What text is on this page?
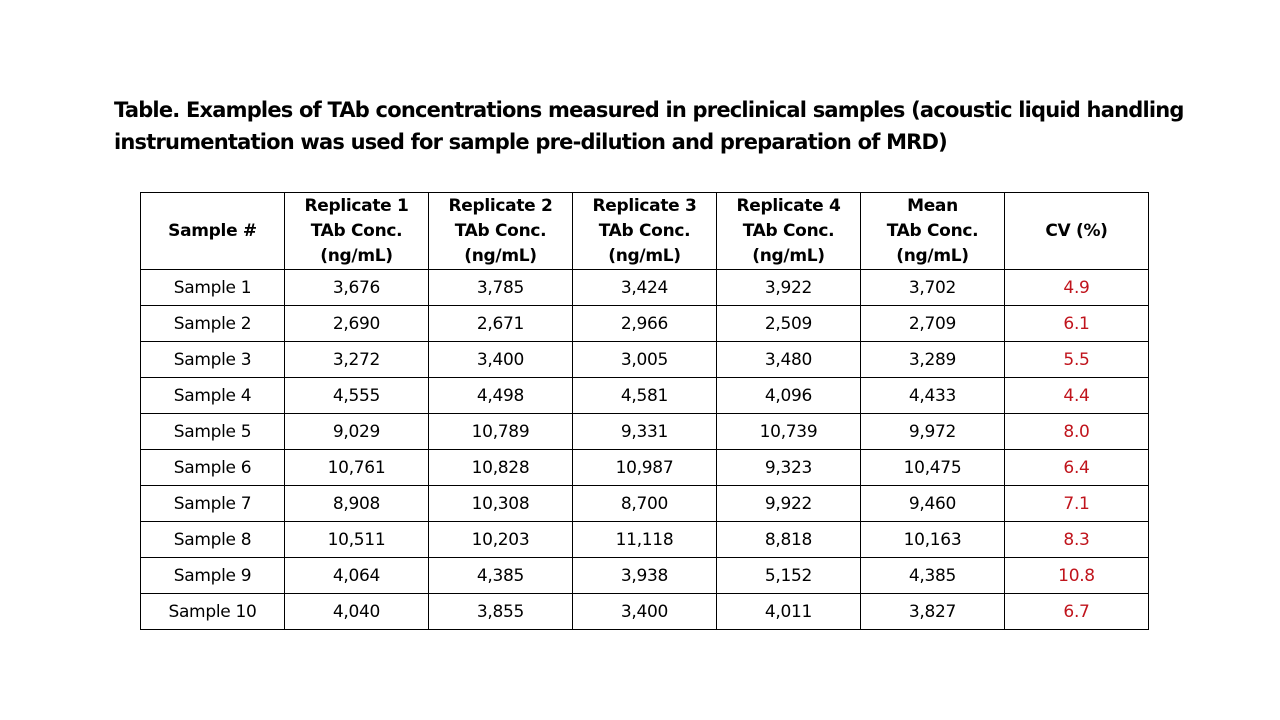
Table. Examples of TAb concentrations measured in preclinical samples (acoustic liquid handling
instrumentation was used for sample pre-dilution and preparation of MRD)
Sample #	Replicate 1
TAb Conc.
(ng/mL)	Replicate 2
TAb Conc.
(ng/mL)	Replicate 3
TAb Conc.
(ng/mL)	Replicate 4
TAb Conc.
(ng/mL)	Mean
TAb Conc.
(ng/mL)	CV (%)

Sample 1	3,676	3,785	3,424	3,922	3,702	4.9
Sample 2	2,690	2,671	2,966	2,509	2,709	6.1
Sample 3	3,272	3,400	3,005	3,480	3,289	5.5
Sample 4	4,555	4,498	4,581	4,096	4,433	4.4
Sample 5	9,029	10,789	9,331	10,739	9,972	8.0
Sample 6	10,761	10,828	10,987	9,323	10,475	6.4
Sample 7	8,908	10,308	8,700	9,922	9,460	7.1
Sample 8	10,511	10,203	11,118	8,818	10,163	8.3
Sample 9	4,064	4,385	3,938	5,152	4,385	10.8
Sample 10	4,040	3,855	3,400	4,011	3,827	6.7
